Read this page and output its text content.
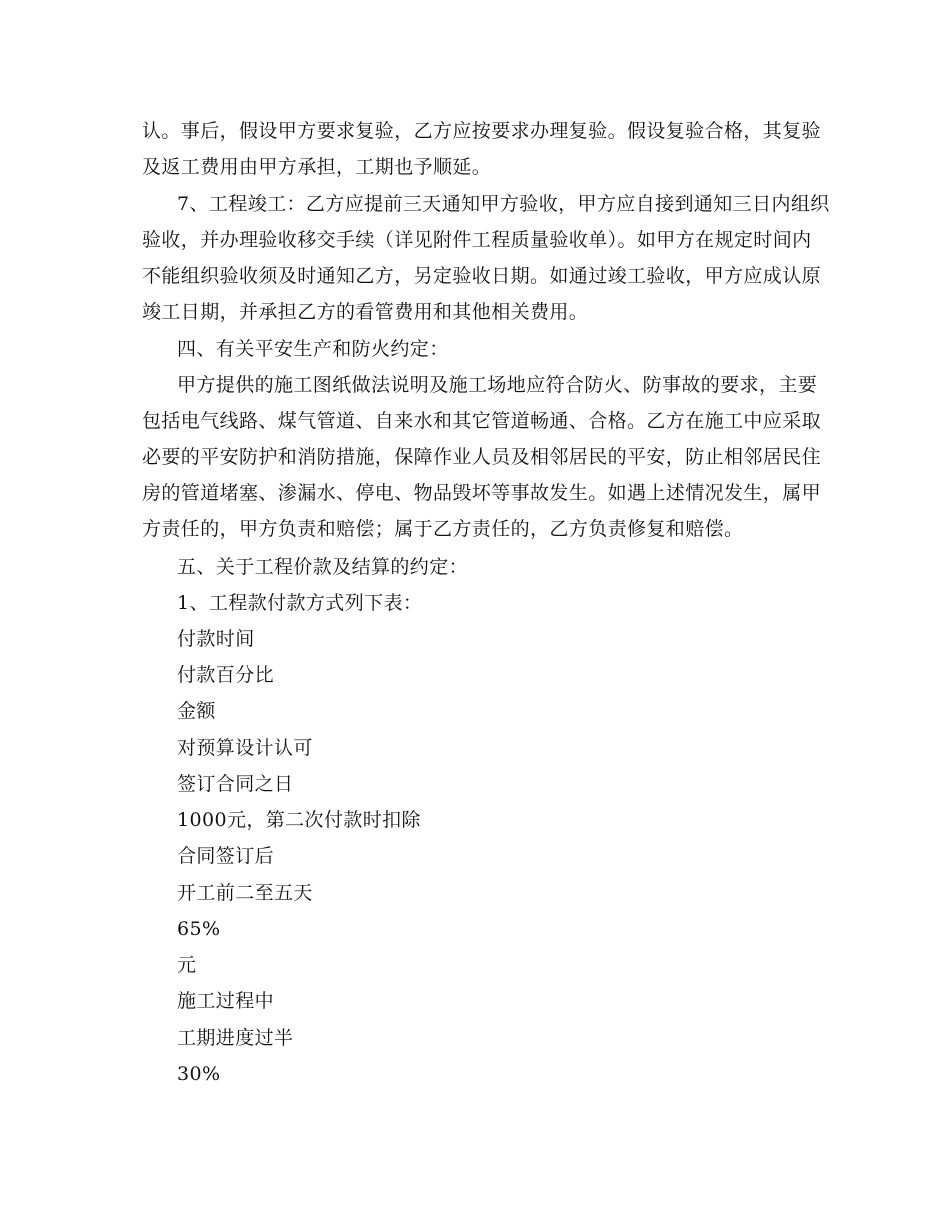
认。事后，假设甲方要求复验，乙方应按要求办理复验。假设复验合格，其复验
及返工费用由甲方承担，工期也予顺延。
7、工程竣工：乙方应提前三天通知甲方验收，甲方应自接到通知三日内组织
验收，并办理验收移交手续（详见附件工程质量验收单）。如甲方在规定时间内
不能组织验收须及时通知乙方，另定验收日期。如通过竣工验收，甲方应成认原
竣工日期，并承担乙方的看管费用和其他相关费用。
四、有关平安生产和防火约定：
甲方提供的施工图纸做法说明及施工场地应符合防火、防事故的要求，主要
包括电气线路、煤气管道、自来水和其它管道畅通、合格。乙方在施工中应采取
必要的平安防护和消防措施，保障作业人员及相邻居民的平安，防止相邻居民住
房的管道堵塞、渗漏水、停电、物品毁坏等事故发生。如遇上述情况发生，属甲
方责任的，甲方负责和赔偿；属于乙方责任的，乙方负责修复和赔偿。
五、关于工程价款及结算的约定：
1、工程款付款方式列下表：
付款时间
付款百分比
金额
对预算设计认可
签订合同之日
1000元，第二次付款时扣除
合同签订后
开工前二至五天
65%
元
施工过程中
工期进度过半
30%
